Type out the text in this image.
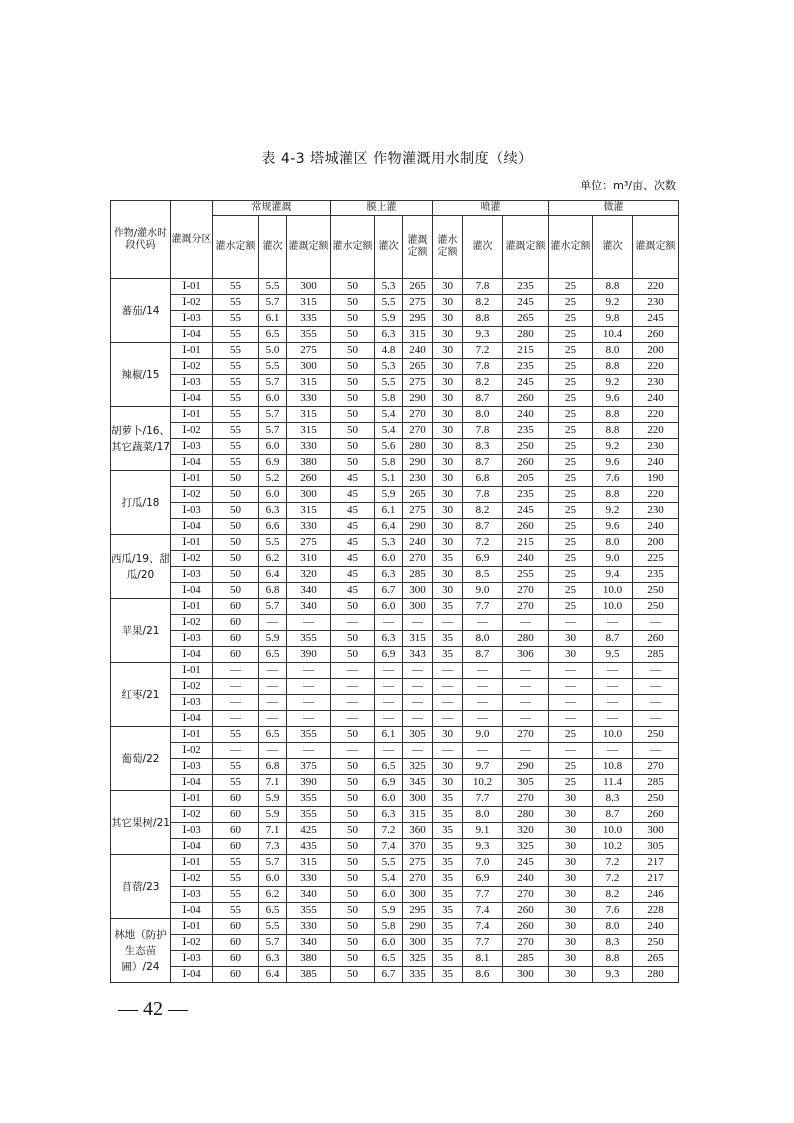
表 4-3 塔城灌区 作物灌溉用水制度（续）
单位：m³/亩、次数
作物/灌水时段代码	灌溉分区	常规灌溉			膜上灌			喷灌			微灌		
		灌水定额	灌次	灌溉定额	灌水定额	灌次	灌溉定额	灌水定额	灌次	灌溉定额	灌水定额	灌次	灌溉定额
蕃茄/14	Ⅰ-01	55	5.5	300	50	5.3	265	30	7.8	235	25	8.8	220
	Ⅰ-02	55	5.7	315	50	5.5	275	30	8.2	245	25	9.2	230
	Ⅰ-03	55	6.1	335	50	5.9	295	30	8.8	265	25	9.8	245
	Ⅰ-04	55	6.5	355	50	6.3	315	30	9.3	280	25	10.4	260
辣椒/15	Ⅰ-01	55	5.0	275	50	4.8	240	30	7.2	215	25	8.0	200
	Ⅰ-02	55	5.5	300	50	5.3	265	30	7.8	235	25	8.8	220
	Ⅰ-03	55	5.7	315	50	5.5	275	30	8.2	245	25	9.2	230
	Ⅰ-04	55	6.0	330	50	5.8	290	30	8.7	260	25	9.6	240
胡萝卜/16、其它蔬菜/17	Ⅰ-01	55	5.7	315	50	5.4	270	30	8.0	240	25	8.8	220
	Ⅰ-02	55	5.7	315	50	5.4	270	30	7.8	235	25	8.8	220
	Ⅰ-03	55	6.0	330	50	5.6	280	30	8.3	250	25	9.2	230
	Ⅰ-04	55	6.9	380	50	5.8	290	30	8.7	260	25	9.6	240
打瓜/18	Ⅰ-01	50	5.2	260	45	5.1	230	30	6.8	205	25	7.6	190
	Ⅰ-02	50	6.0	300	45	5.9	265	30	7.8	235	25	8.8	220
	Ⅰ-03	50	6.3	315	45	6.1	275	30	8.2	245	25	9.2	230
	Ⅰ-04	50	6.6	330	45	6.4	290	30	8.7	260	25	9.6	240
西瓜/19、甜瓜/20	Ⅰ-01	50	5.5	275	45	5.3	240	30	7.2	215	25	8.0	200
	Ⅰ-02	50	6.2	310	45	6.0	270	35	6.9	240	25	9.0	225
	Ⅰ-03	50	6.4	320	45	6.3	285	30	8.5	255	25	9.4	235
	Ⅰ-04	50	6.8	340	45	6.7	300	30	9.0	270	25	10.0	250
苹果/21	Ⅰ-01	60	5.7	340	50	6.0	300	35	7.7	270	25	10.0	250
	Ⅰ-02	60	—	—	—	—	—	—	—	—	—	—	—
	Ⅰ-03	60	5.9	355	50	6.3	315	35	8.0	280	30	8.7	260
	Ⅰ-04	60	6.5	390	50	6.9	343	35	8.7	306	30	9.5	285
红枣/21	Ⅰ-01	—	—	—	—	—	—	—	—	—	—	—	—
	Ⅰ-02	—	—	—	—	—	—	—	—	—	—	—	—
	Ⅰ-03	—	—	—	—	—	—	—	—	—	—	—	—
	Ⅰ-04	—	—	—	—	—	—	—	—	—	—	—	—
葡萄/22	Ⅰ-01	55	6.5	355	50	6.1	305	30	9.0	270	25	10.0	250
	Ⅰ-02	—	—	—	—	—	—	—	—	—	—	—	—
	Ⅰ-03	55	6.8	375	50	6.5	325	30	9.7	290	25	10.8	270
	Ⅰ-04	55	7.1	390	50	6.9	345	30	10.2	305	25	11.4	285
其它果树/21	Ⅰ-01	60	5.9	355	50	6.0	300	35	7.7	270	30	8.3	250
	Ⅰ-02	60	5.9	355	50	6.3	315	35	8.0	280	30	8.7	260
	Ⅰ-03	60	7.1	425	50	7.2	360	35	9.1	320	30	10.0	300
	Ⅰ-04	60	7.3	435	50	7.4	370	35	9.3	325	30	10.2	305
苜蓿/23	Ⅰ-01	55	5.7	315	50	5.5	275	35	7.0	245	30	7.2	217
	Ⅰ-02	55	6.0	330	50	5.4	270	35	6.9	240	30	7.2	217
	Ⅰ-03	55	6.2	340	50	6.0	300	35	7.7	270	30	8.2	246
	Ⅰ-04	55	6.5	355	50	5.9	295	35	7.4	260	30	7.6	228
林地（防护生态苗圃）/24	Ⅰ-01	60	5.5	330	50	5.8	290	35	7.4	260	30	8.0	240
	Ⅰ-02	60	5.7	340	50	6.0	300	35	7.7	270	30	8.3	250
	Ⅰ-03	60	6.3	380	50	6.5	325	35	8.1	285	30	8.8	265
	Ⅰ-04	60	6.4	385	50	6.7	335	35	8.6	300	30	9.3	280
— 42 —
